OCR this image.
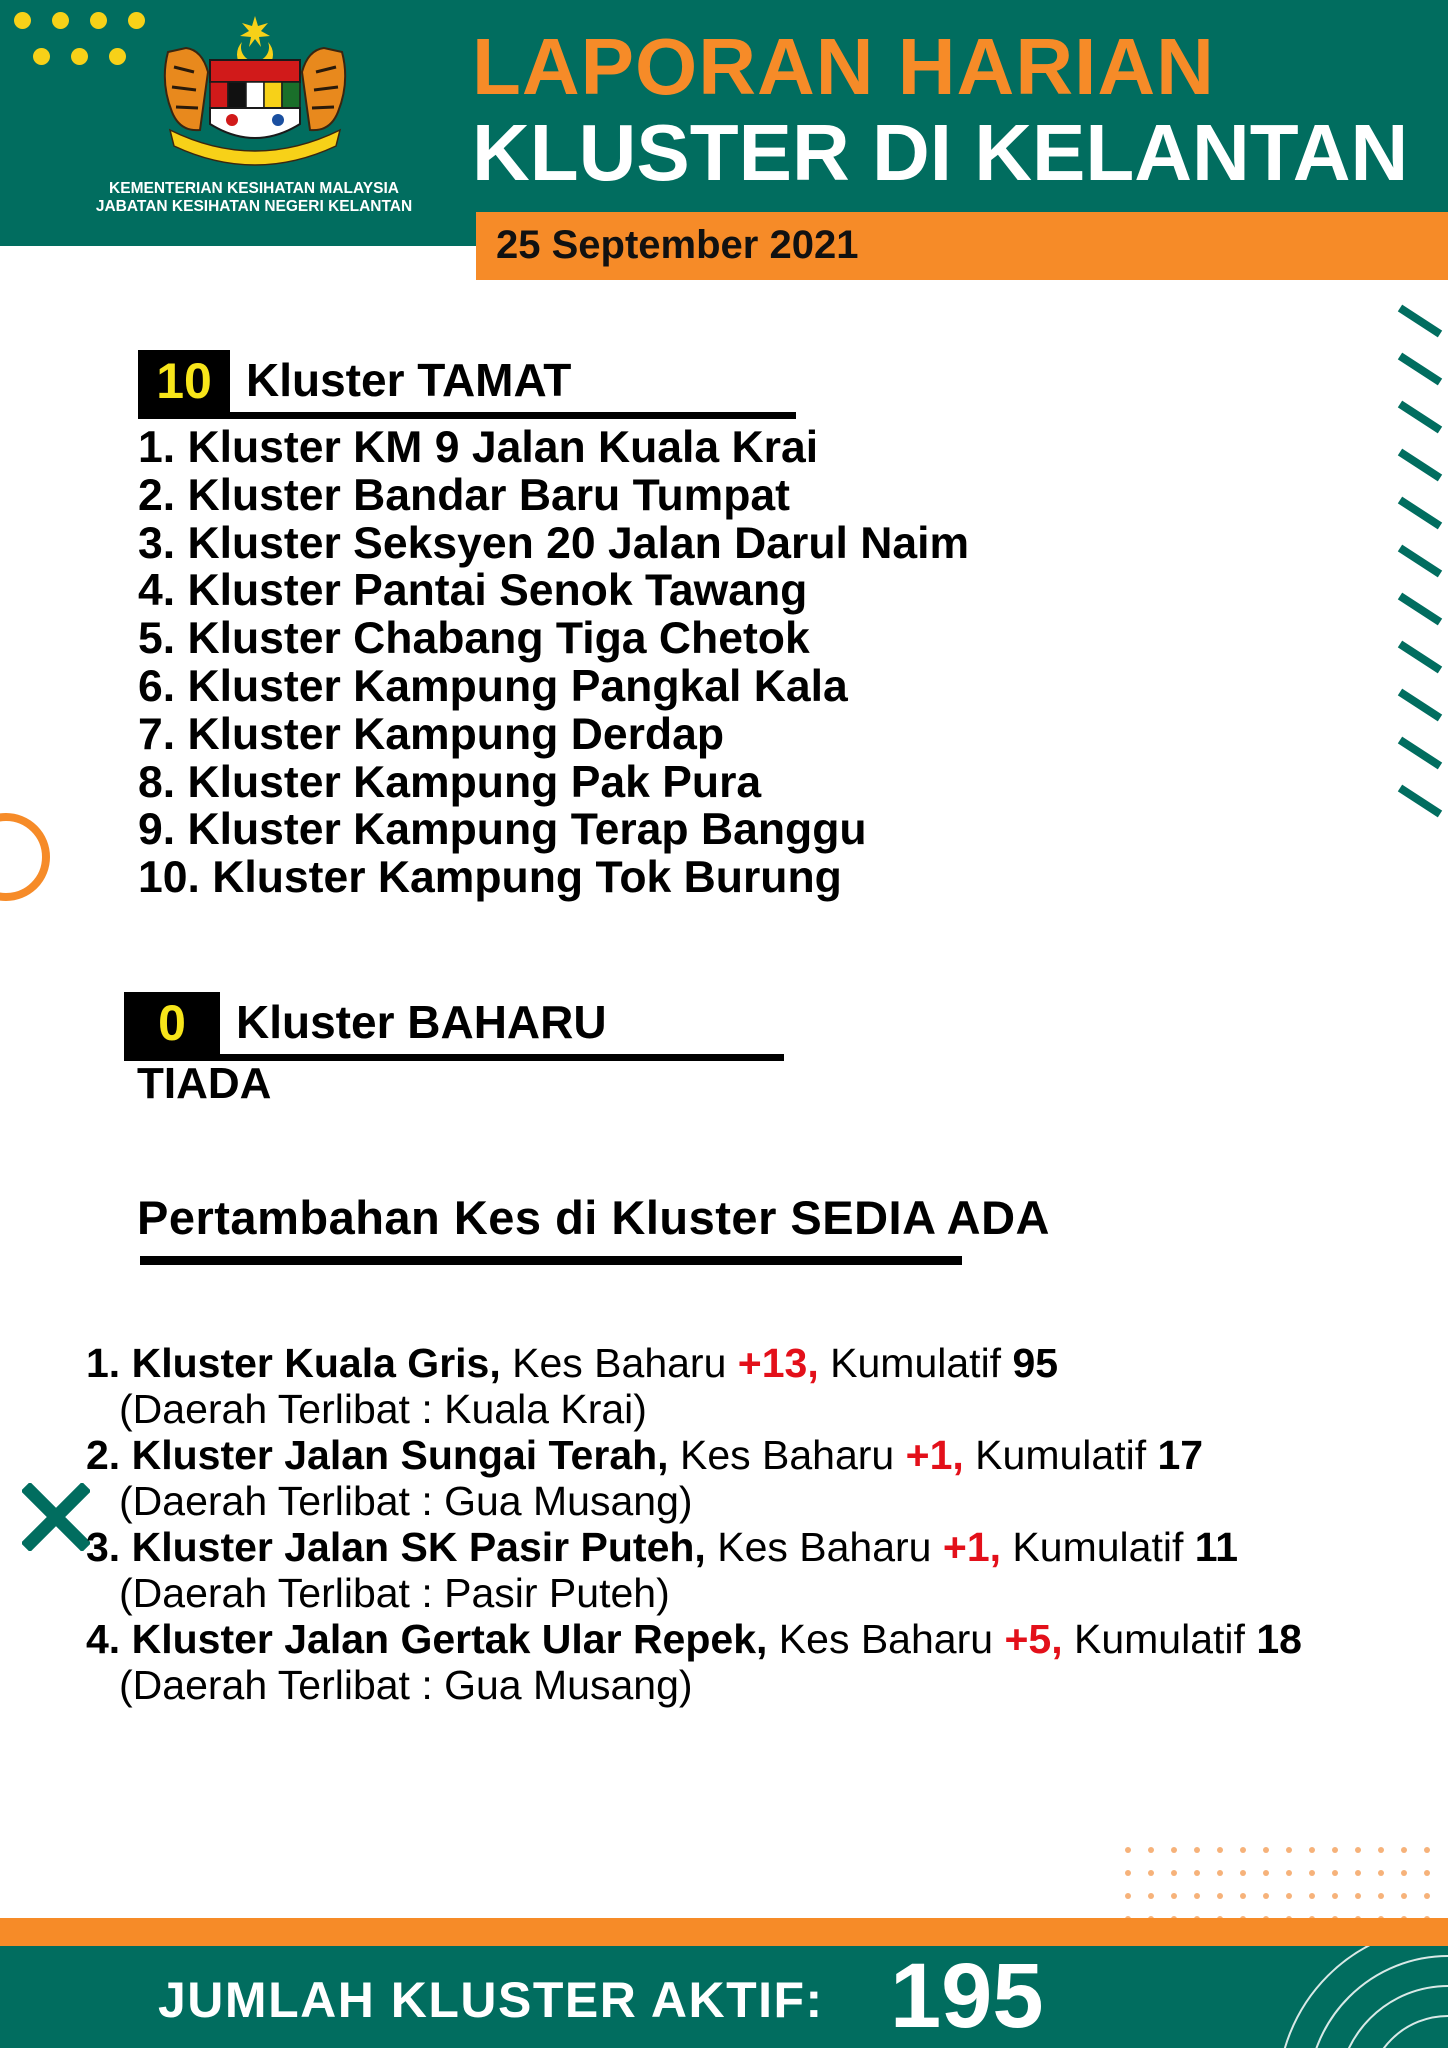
KEMENTERIAN KESIHATAN MALAYSIA
JABATAN KESIHATAN NEGERI KELANTAN
LAPORAN HARIAN
KLUSTER DI KELANTAN
25 September 2021
10 Kluster TAMAT
1. Kluster KM 9 Jalan Kuala Krai
2. Kluster Bandar Baru Tumpat
3. Kluster Seksyen 20 Jalan Darul Naim
4. Kluster Pantai Senok Tawang
5. Kluster Chabang Tiga Chetok
6. Kluster Kampung Pangkal Kala
7. Kluster Kampung Derdap
8. Kluster Kampung Pak Pura
9. Kluster Kampung Terap Banggu
10. Kluster Kampung Tok Burung
0	Kluster BAHARU
TIADA
Pertambahan Kes di Kluster SEDIA ADA
1. Kluster Kuala Gris, Kes Baharu +13, Kumulatif 95
(Daerah Terlibat : Kuala Krai)
2. Kluster Jalan Sungai Terah, Kes Baharu +1, Kumulatif 17
(Daerah Terlibat : Gua Musang)
3. Kluster Jalan SK Pasir Puteh, Kes Baharu +1, Kumulatif 11
(Daerah Terlibat : Pasir Puteh)
4. Kluster Jalan Gertak Ular Repek, Kes Baharu +5, Kumulatif 18
(Daerah Terlibat : Gua Musang)
JUMLAH KLUSTER AKTIF: 195
